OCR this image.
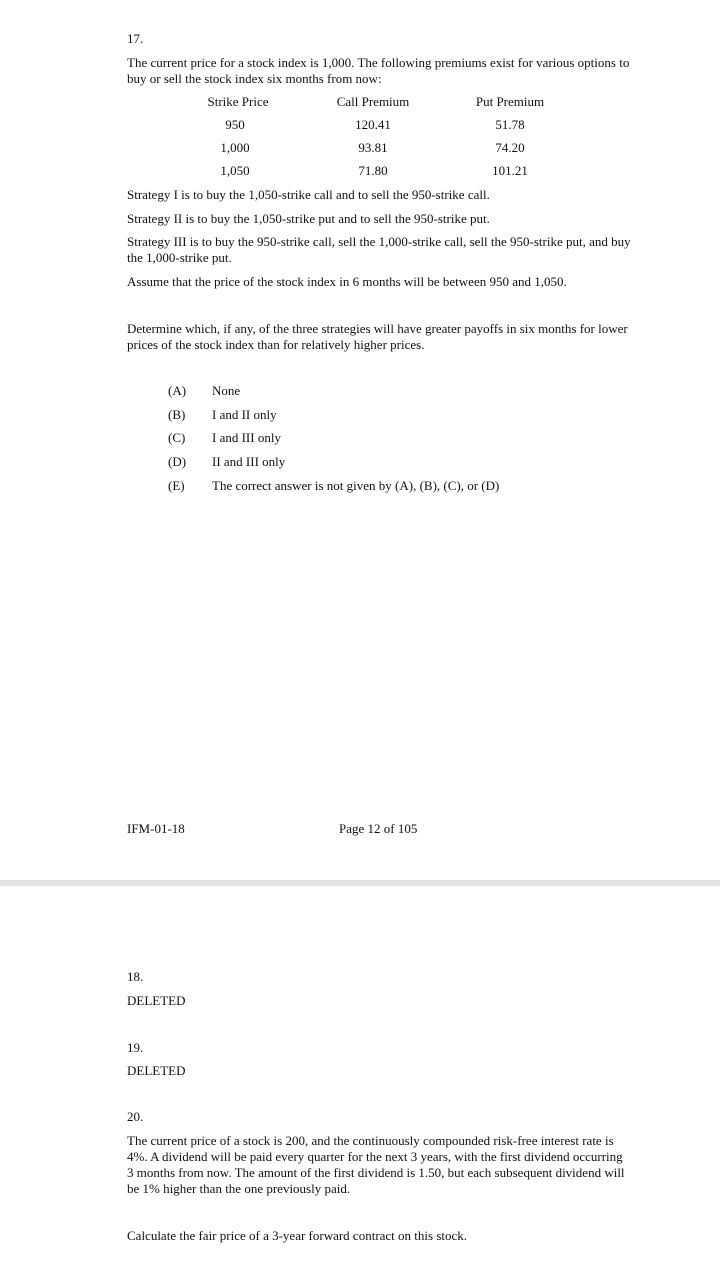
17.
The current price for a stock index is 1,000. The following premiums exist for various options to buy or sell the stock index six months from now:
Strike Price	Call Premium	Put Premium
950	120.41	51.78
1,000	93.81	74.20
1,050	71.80	101.21
Strategy I is to buy the 1,050-strike call and to sell the 950-strike call.
Strategy II is to buy the 1,050-strike put and to sell the 950-strike put.
Strategy III is to buy the 950-strike call, sell the 1,000-strike call, sell the 950-strike put, and buy the 1,000-strike put.
Assume that the price of the stock index in 6 months will be between 950 and 1,050.
Determine which, if any, of the three strategies will have greater payoffs in six months for lower prices of the stock index than for relatively higher prices.
(A) None
(B) I and II only
(C) I and III only
(D) II and III only
(E) The correct answer is not given by (A), (B), (C), or (D)
IFM-01-18	Page 12 of 105
18.
DELETED
19.
DELETED
20.
The current price of a stock is 200, and the continuously compounded risk-free interest rate is 4%. A dividend will be paid every quarter for the next 3 years, with the first dividend occurring 3 months from now. The amount of the first dividend is 1.50, but each subsequent dividend will be 1% higher than the one previously paid.
Calculate the fair price of a 3-year forward contract on this stock.
